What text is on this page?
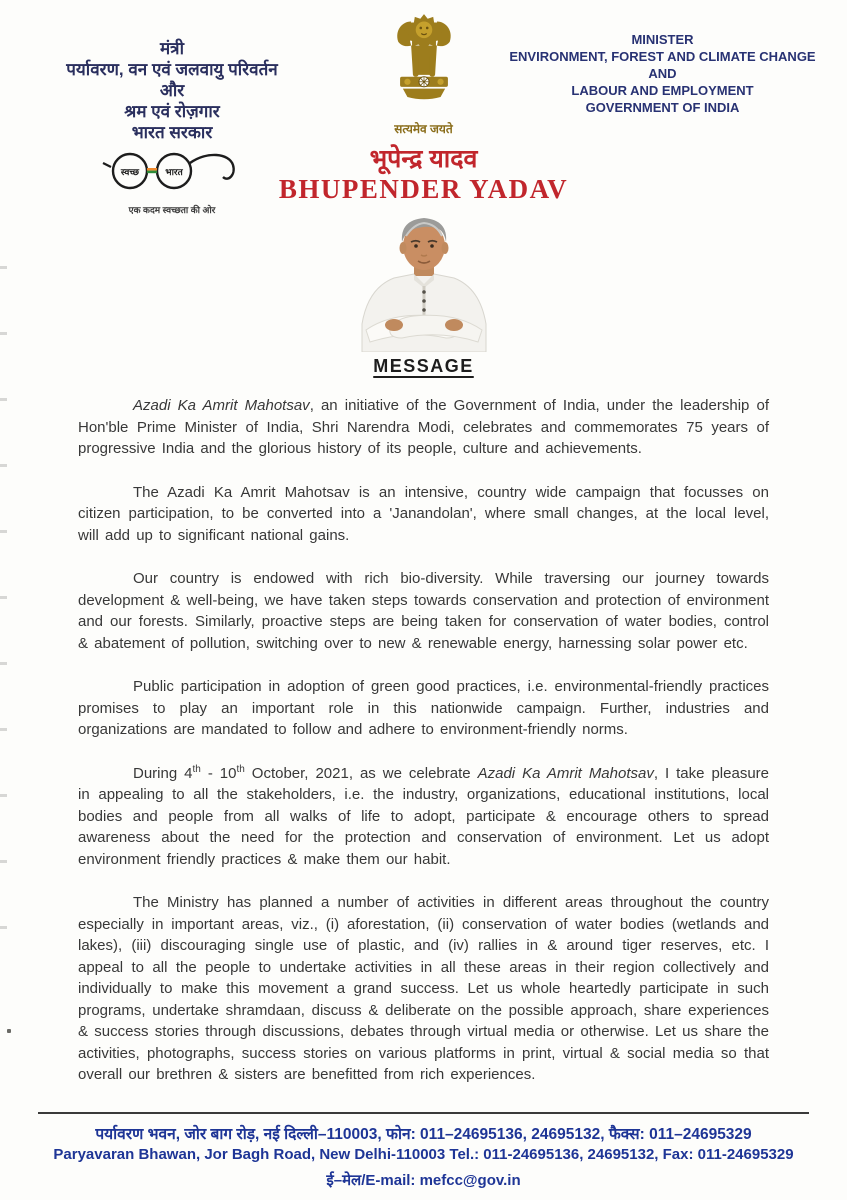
मंत्री
पर्यावरण, वन एवं जलवायु परिवर्तन
और
श्रम एवं रोज़गार
भारत सरकार
स्वच्छ	भारत
एक कदम स्वच्छता की ओर
सत्यमेव जयते
भूपेन्द्र यादव
BHUPENDER YADAV
MINISTER
ENVIRONMENT, FOREST AND CLIMATE CHANGE
AND
LABOUR AND EMPLOYMENT
GOVERNMENT OF INDIA
MESSAGE

Azadi Ka Amrit Mahotsav, an initiative of the Government of India, under the leadership of Hon'ble Prime Minister of India, Shri Narendra Modi, celebrates and commemorates 75 years of progressive India and the glorious history of its people, culture and achievements.

The Azadi Ka Amrit Mahotsav is an intensive, country wide campaign that focusses on citizen participation, to be converted into a 'Janandolan', where small changes, at the local level, will add up to significant national gains.

Our country is endowed with rich bio-diversity. While traversing our journey towards development & well-being, we have taken steps towards conservation and protection of environment and our forests. Similarly, proactive steps are being taken for conservation of water bodies, control & abatement of pollution, switching over to new & renewable energy, harnessing solar power etc.

Public participation in adoption of green good practices, i.e. environmental-friendly practices promises to play an important role in this nationwide campaign. Further, industries and organizations are mandated to follow and adhere to environment-friendly norms.

During 4th - 10th October, 2021, as we celebrate Azadi Ka Amrit Mahotsav, I take pleasure in appealing to all the stakeholders, i.e. the industry, organizations, educational institutions, local bodies and people from all walks of life to adopt, participate & encourage others to spread awareness about the need for the protection and conservation of environment. Let us adopt environment friendly practices & make them our habit.

The Ministry has planned a number of activities in different areas throughout the country especially in important areas, viz., (i) aforestation, (ii) conservation of water bodies (wetlands and lakes), (iii) discouraging single use of plastic, and (iv) rallies in & around tiger reserves, etc. I appeal to all the people to undertake activities in all these areas in their region collectively and individually to make this movement a grand success. Let us whole heartedly participate in such programs, undertake shramdaan, discuss & deliberate on the possible approach, share experiences & success stories through discussions, debates through virtual media or otherwise. Let us share the activities, photographs, success stories on various platforms in print, virtual & social media so that overall our brethren & sisters are benefitted from rich experiences.

पर्यावरण भवन, जोर बाग रोड़, नई दिल्ली–110003, फोन: 011–24695136, 24695132, फैक्स: 011–24695329
Paryavaran Bhawan, Jor Bagh Road, New Delhi-110003 Tel.: 011-24695136, 24695132, Fax: 011-24695329
ई–मेल/E-mail: mefcc@gov.in
